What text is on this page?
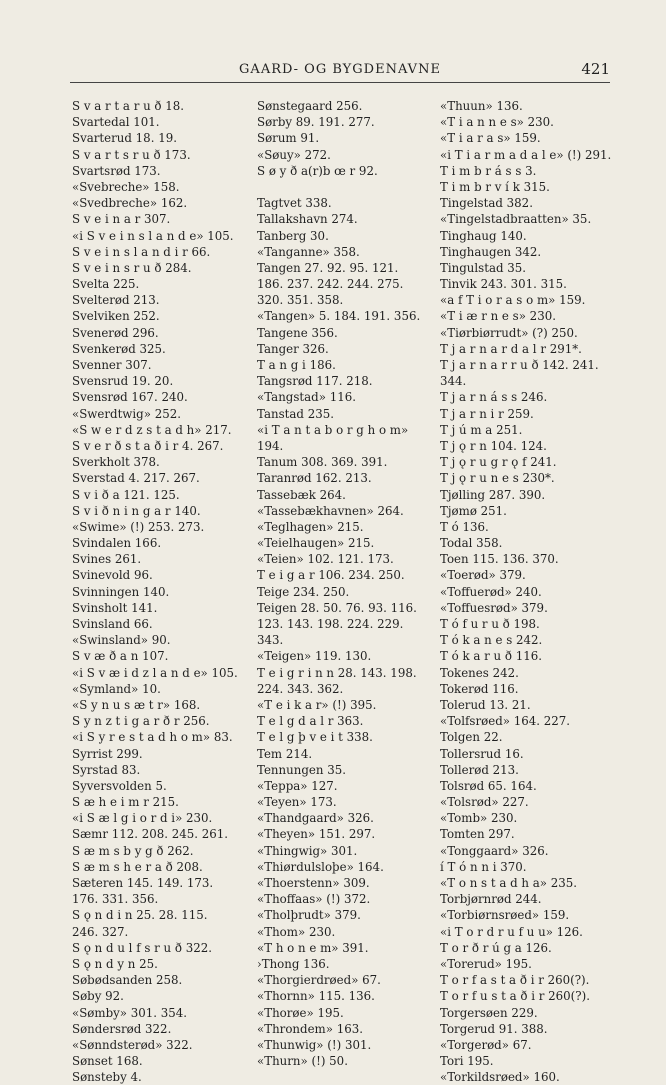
GAARD- OG BYGDENAVNE	421
S v a r t a r u ð 18.
Svartedal 101.
Svarterud 18. 19.
S v a r t s r u ð 173.
Svartsrød 173.
«Svebreche» 158.
«Svedbreche» 162.
S v e i n a r 307.
«i S v e i n s l a n d e» 105.
S v e i n s l a n d i r 66.
S v e i n s r u ð 284.
Svelta 225.
Svelterød 213.
Svelviken 252.
Svenerød 296.
Svenkerød 325.
Svenner 307.
Svensrud 19. 20.
Svensrød 167. 240.
«Swerdtwig» 252.
«S w e r d z s t a d h» 217.
S v e r ð s t a ð i r 4. 267.
Sverkholt 378.
Sverstad 4. 217. 267.
S v i ð a 121. 125.
S v i ð n i n g a r 140.
«Swime» (!) 253. 273.
Svindalen 166.
Svines 261.
Svinevold 96.
Svinningen 140.
Svinsholt 141.
Svinsland 66.
«Swinsland» 90.
S v æ ð a n 107.
«i S v æ i d z l a n d e» 105.
«Symland» 10.
«S y n u s æ t r» 168.
S y n z t i g a r ð r 256.
«i S y r e s t a d h o m» 83.
Syrrist 299.
Syrstad 83.
Syversvolden 5.
S æ h e i m r 215.
«i S æ l g i o r d i» 230.
Sæmr 112. 208. 245. 261.
S æ m s b y g ð 262.
S æ m s h e r a ð 208.
Sæteren 145. 149. 173.
176. 331. 356.
S ǫ n d i n 25. 28. 115.
246. 327.
S ǫ n d u l f s r u ð 322.
S ǫ n d y n 25.
Søbødsanden 258.
Søby 92.
«Sømby» 301. 354.
Søndersrød 322.
«Sønndsterød» 322.
Sønset 168.
Sønsteby 4.
Sønstegaard 256.
Sørby 89. 191. 277.
Sørum 91.
«Søuy» 272.
S ø y ð a(r)b œ r 92.
Tagtvet 338.
Tallakshavn 274.
Tanberg 30.
«Tanganne» 358.
Tangen 27. 92. 95. 121.
186. 237. 242. 244. 275.
320. 351. 358.
«Tangen» 5. 184. 191. 356.
Tangene 356.
Tanger 326.
T a n g i 186.
Tangsrød 117. 218.
«Tangstad» 116.
Tanstad 235.
«i T a n t a b o r g h o m»
194.
Tanum 308. 369. 391.
Taranrød 162. 213.
Tassebæk 264.
«Tassebækhavnen» 264.
«Teglhagen» 215.
«Teielhaugen» 215.
«Teien» 102. 121. 173.
T e i g a r 106. 234. 250.
Teige 234. 250.
Teigen 28. 50. 76. 93. 116.
123. 143. 198. 224. 229.
343.
«Teigen» 119. 130.
T e i g r i n n 28. 143. 198.
224. 343. 362.
«T e i k a r» (!) 395.
T e l g d a l r 363.
T e l g þ v e i t 338.
Tem 214.
Tennungen 35.
«Teppa» 127.
«Teyen» 173.
«Thandgaard» 326.
«Theyen» 151. 297.
«Thingwig» 301.
«Thiørdulsloþe» 164.
«Thoerstenn» 309.
«Thoffaas» (!) 372.
«Tholþrudt» 379.
«Thom» 230.
«T h o n e m» 391.
›Thong 136.
«Thorgierdrøed» 67.
«Thornn» 115. 136.
«Thorøe» 195.
«Throndem» 163.
«Thunwig» (!) 301.
«Thurn» (!) 50.
«Thuun» 136.
«T i a n n e s» 230.
«T i a r a s» 159.
«i T i a r m a d a l e» (!) 291.
T i m b r á s s 3.
T i m b r v í k 315.
Tingelstad 382.
«Tingelstadbraatten» 35.
Tinghaug 140.
Tinghaugen 342.
Tingulstad 35.
Tinvik 243. 301. 315.
«a f T i o r a s o m» 159.
«T i æ r n e s» 230.
«Tiørbiørrudt» (?) 250.
T j a r n a r d a l r 291*.
T j a r n a r r u ð 142. 241.
344.
T j a r n á s s 246.
T j a r n i r 259.
T j ú m a 251.
T j ǫ r n 104. 124.
T j ǫ r u g r ǫ f 241.
T j ǫ r u n e s 230*.
Tjølling 287. 390.
Tjømø 251.
T ó 136.
Todal 358.
Toen 115. 136. 370.
«Toerød» 379.
«Toffuerød» 240.
«Toffuesrød» 379.
T ó f u r u ð 198.
T ó k a n e s 242.
T ó k a r u ð 116.
Tokenes 242.
Tokerød 116.
Tolerud 13. 21.
«Tolfsrøed» 164. 227.
Tolgen 22.
Tollersrud 16.
Tollerød 213.
Tolsrød 65. 164.
«Tolsrød» 227.
«Tomb» 230.
Tomten 297.
«Tonggaard» 326.
í T ó n n i 370.
«T o n s t a d h a» 235.
Torbjørnrød 244.
«Torbiørnsrøed» 159.
«i T o r d r u f u u» 126.
T o r ð r ú g a 126.
«Torerud» 195.
T o r f a s t a ð i r 260(?).
T o r f u s t a ð i r 260(?).
Torgersøen 229.
Torgerud 91. 388.
«Torgerød» 67.
Tori 195.
«Torkildsrøed» 160.
